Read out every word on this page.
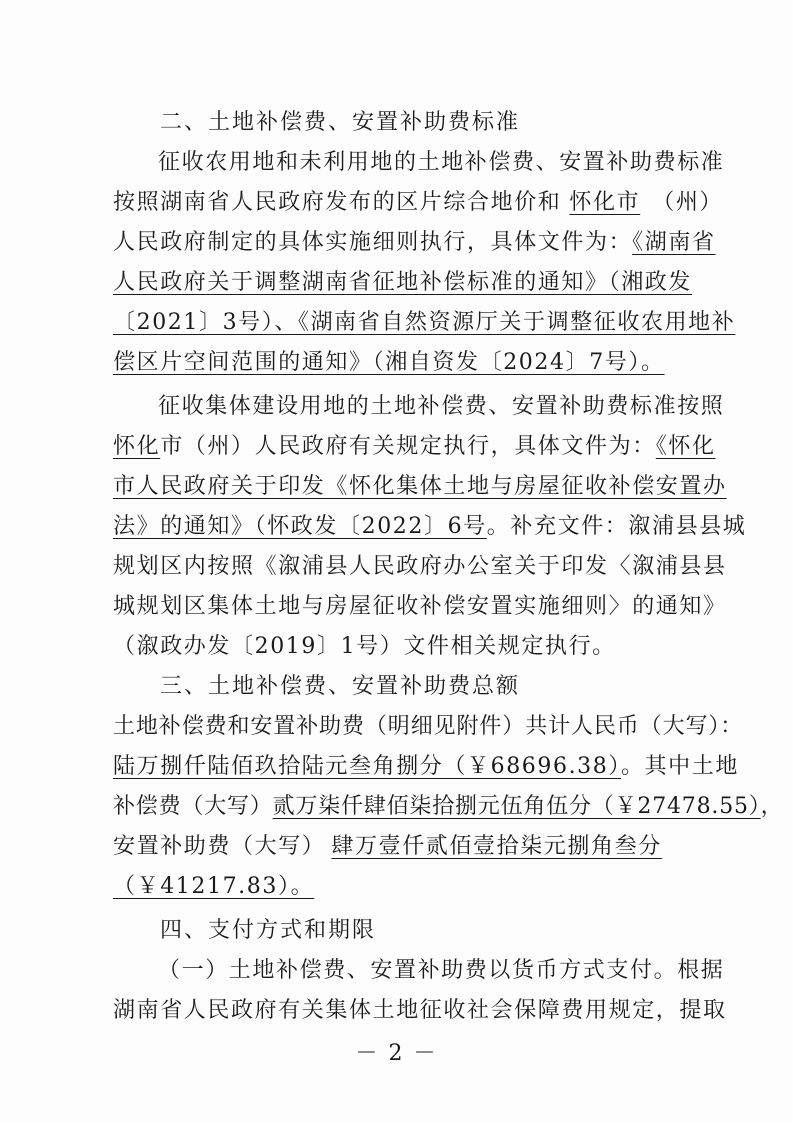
二、土地补偿费、安置补助费标准
征收农用地和未利用地的土地补偿费、安置补助费标准
按照湖南省人民政府发布的区片综合地价和 怀化市 （州）
人民政府制定的具体实施细则执行，具体文件为：《湖南省
人民政府关于调整湖南省征地补偿标准的通知》（湘政发
〔2021〕3号）、《湖南省自然资源厅关于调整征收农用地补
偿区片空间范围的通知》（湘自资发〔2024〕7号）。
征收集体建设用地的土地补偿费、安置补助费标准按照
怀化市（州）人民政府有关规定执行，具体文件为：《怀化
市人民政府关于印发《怀化集体土地与房屋征收补偿安置办
法》的通知》（怀政发〔2022〕6号。补充文件：溆浦县县城
规划区内按照《溆浦县人民政府办公室关于印发〈溆浦县县
城规划区集体土地与房屋征收补偿安置实施细则〉的通知》
（溆政办发〔2019〕1号）文件相关规定执行。
三、土地补偿费、安置补助费总额
土地补偿费和安置补助费（明细见附件）共计人民币（大写）：
陆万捌仟陆佰玖拾陆元叁角捌分（￥68696.38）。其中土地
补偿费（大写）贰万柒仟肆佰柒拾捌元伍角伍分（￥27478.55），
安置补助费（大写） 肆万壹仟贰佰壹拾柒元捌角叁分
（￥41217.83）。
四、支付方式和期限
（一）土地补偿费、安置补助费以货币方式支付。根据
湖南省人民政府有关集体土地征收社会保障费用规定，提取
－ 2 －
